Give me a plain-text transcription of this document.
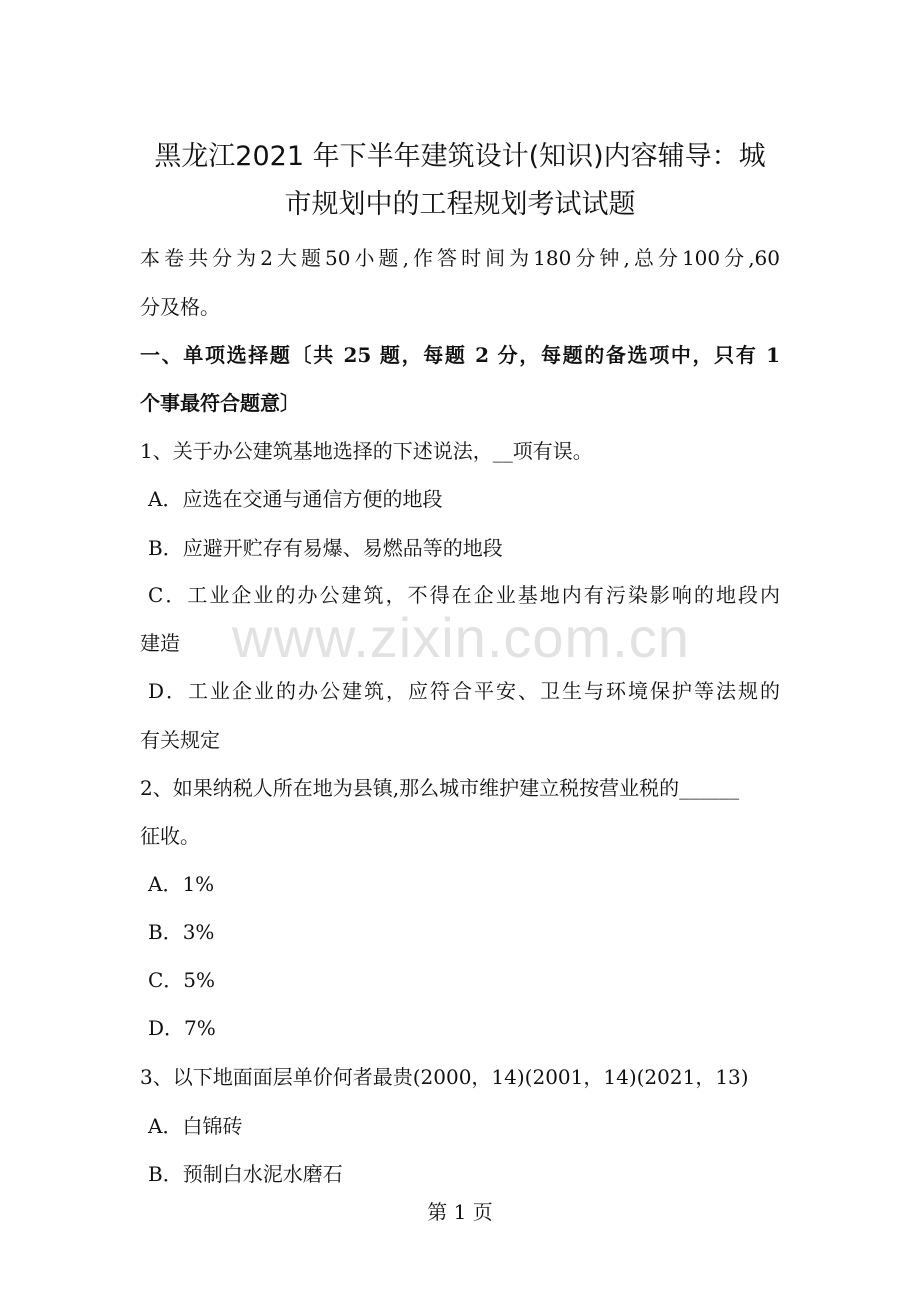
www.zixin.com.cn
黑龙江2021 年下半年建筑设计(知识)内容辅导：城
市规划中的工程规划考试试题
本卷共分为2大题50小题,作答时间为180分钟,总分100分,60
分及格。
一、单项选择题〔共 25 题，每题 2 分，每题的备选项中，只有 1
个事最符合题意〕
1、关于办公建筑基地选择的下述说法，__项有误。
A．应选在交通与通信方便的地段
B．应避开贮存有易爆、易燃品等的地段
C．工业企业的办公建筑，不得在企业基地内有污染影响的地段内
建造
D．工业企业的办公建筑，应符合平安、卫生与环境保护等法规的
有关规定
2、如果纳税人所在地为县镇,那么城市维护建立税按营业税的______
征收。
A．1%
B．3%
C．5%
D．7%
3、以下地面面层单价何者最贵(2000，14)(2001，14)(2021，13)
A．白锦砖
B．预制白水泥水磨石
第 1 页
